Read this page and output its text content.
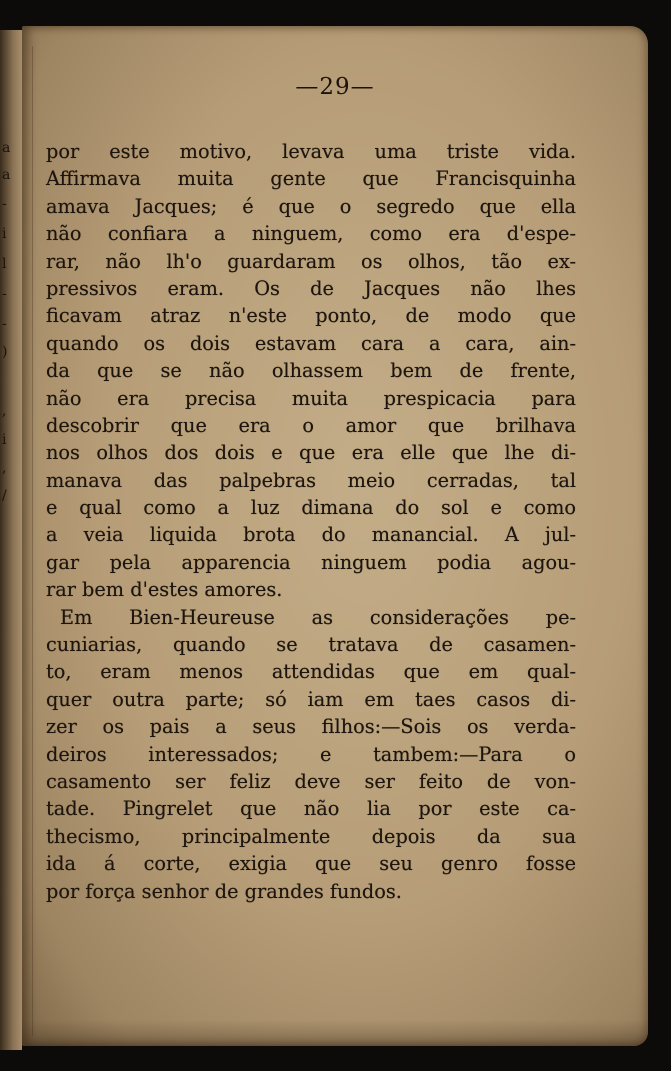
a
a
-
i
l
-
-
)
,
i
,
/
—29—
por este motivo, levava uma triste vida.
Affirmava muita gente que Francisquinha
amava Jacques; é que o segredo que ella
não confiara a ninguem, como era d'espe-
rar, não lh'o guardaram os olhos, tão ex-
pressivos eram. Os de Jacques não lhes
ficavam atraz n'este ponto, de modo que
quando os dois estavam cara a cara, ain-
da que se não olhassem bem de frente,
não era precisa muita prespicacia para
descobrir que era o amor que brilhava
nos olhos dos dois e que era elle que lhe di-
manava das palpebras meio cerradas, tal
e qual como a luz dimana do sol e como
a veia liquida brota do manancial. A jul-
gar pela apparencia ninguem podia agou-
rar bem d'estes amores.
Em Bien-Heureuse as considerações pe-
cuniarias, quando se tratava de casamen-
to, eram menos attendidas que em qual-
quer outra parte; só iam em taes casos di-
zer os pais a seus filhos:—Sois os verda-
deiros interessados; e tambem:—Para o
casamento ser feliz deve ser feito de von-
tade. Pingrelet que não lia por este ca-
thecismo, principalmente depois da sua
ida á corte, exigia que seu genro fosse
por força senhor de grandes fundos.
